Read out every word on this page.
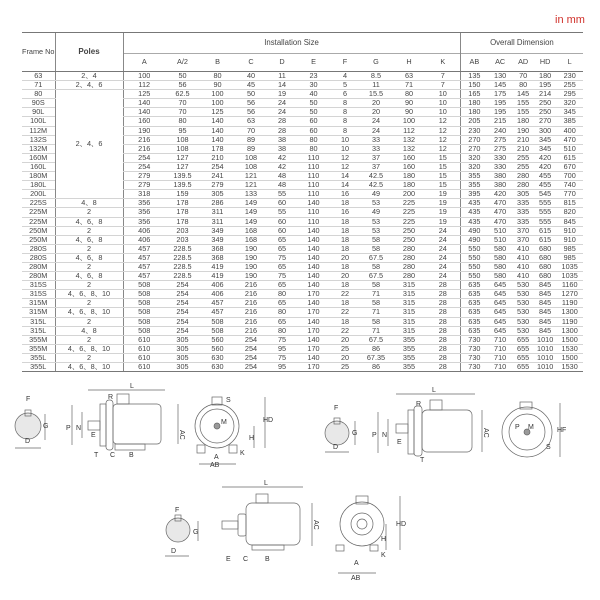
in mm
Frame No	Poles	Installation Size										Overall Dimension				
		A	A/2	B	C	D	E	F	G	H	K	AB	AC	AD	HD	L
63	2、4	100	50	80	40	11	23	4	8.5	63	7	135	130	70	180	230
71	2、4、6	112	56	90	45	14	30	5	11	71	7	150	145	80	195	255
80	2、4、6	125	62.5	100	50	19	40	6	15.5	80	10	165	175	145	214	295
90S		140	70	100	56	24	50	8	20	90	10	180	195	155	250	320
90L		140	70	125	56	24	50	8	20	90	10	180	195	155	250	345
100L		160	80	140	63	28	60	8	24	100	12	205	215	180	270	385
112M		190	95	140	70	28	60	8	24	112	12	230	240	190	300	400
132S		216	108	140	89	38	80	10	33	132	12	270	275	210	345	470
132M		216	108	178	89	38	80	10	33	132	12	270	275	210	345	510
160M		254	127	210	108	42	110	12	37	160	15	320	330	255	420	615
160L		254	127	254	108	42	110	12	37	160	15	320	330	255	420	670
180M		279	139.5	241	121	48	110	14	42.5	180	15	355	380	280	455	700
180L		279	139.5	279	121	48	110	14	42.5	180	15	355	380	280	455	740
200L		318	159	305	133	55	110	16	49	200	19	395	420	305	545	770
225S	4、8	356	178	286	149	60	140	18	53	225	19	435	470	335	555	815
225M	2	356	178	311	149	55	110	16	49	225	19	435	470	335	555	820
225M	4、6、8	356	178	311	149	60	110	18	53	225	19	435	470	335	555	845
250M	2	406	203	349	168	60	140	18	53	250	24	490	510	370	615	910
250M	4、6、8	406	203	349	168	65	140	18	58	250	24	490	510	370	615	910
280S	2	457	228.5	368	190	65	140	18	58	280	24	550	580	410	680	985
280S	4、6、8	457	228.5	368	190	75	140	20	67.5	280	24	550	580	410	680	985
280M	2	457	228.5	419	190	65	140	18	58	280	24	550	580	410	680	1035
280M	4、6、8	457	228.5	419	190	75	140	20	67.5	280	24	550	580	410	680	1035
315S	2	508	254	406	216	65	140	18	58	315	28	635	645	530	845	1160
315S	4、6、8、10	508	254	406	216	80	170	22	71	315	28	635	645	530	845	1270
315M	2	508	254	457	216	65	140	18	58	315	28	635	645	530	845	1190
315M	4、6、8、10	508	254	457	216	80	170	22	71	315	28	635	645	530	845	1300
315L	2	508	254	508	216	65	140	18	58	315	28	635	645	530	845	1190
315L	4、8	508	254	508	216	80	170	22	71	315	28	635	645	530	845	1300
355M	2	610	305	560	254	75	140	20	67.5	355	28	730	710	655	1010	1500
355M	4、6、8、10	610	305	560	254	95	170	25	86	355	28	730	710	655	1010	1530
355L	2	610	305	630	254	75	140	20	67.35	355	28	730	710	655	1010	1500
355L	4、6、8、10	610	305	630	254	95	170	25	86	355	28	730	710	655	1010	1530
F
G
D
L
R
P N
E
T C B
AC
S
M	HD
H
A
AB
K
F
G
D
L
R
P N
E
T
AC
P M	HF
S
F
G
D
L
E C B
AC	HD
H
A
AB
K
